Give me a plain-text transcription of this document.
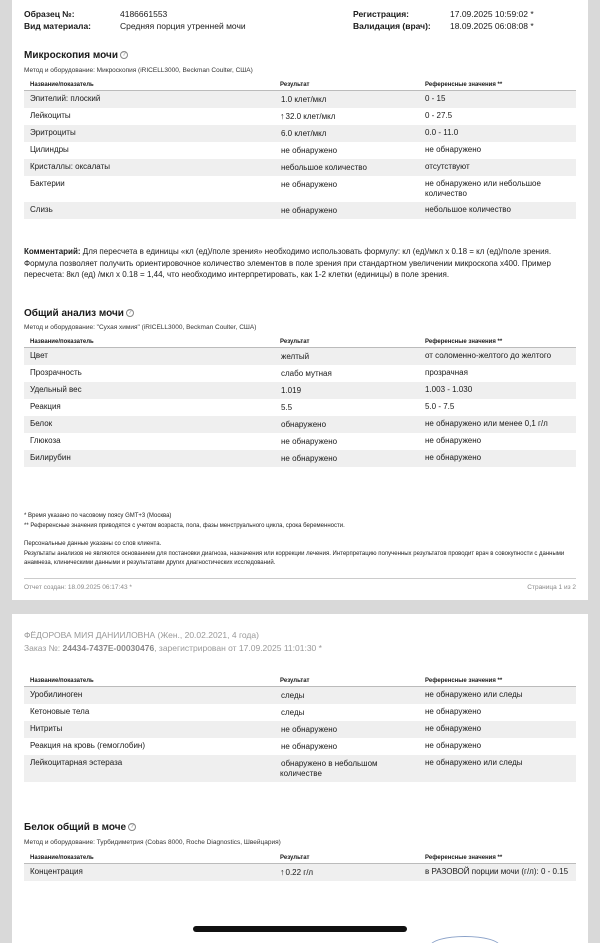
Образец №:	4186661553
Вид материала:	Средняя порция утренней мочи
Регистрация:	17.09.2025 10:59:02 *
Валидация (врач): 18.09.2025 06:08:08 *
Микроскопия мочи ?
Метод и оборудование: Микроскопия (iRICELL3000, Beckman Coulter, США)
Название/показатель	Результат	Референсные значения **
Эпителий: плоский	1.0 клет/мкл	0 - 15
Лейкоциты	↑32.0 клет/мкл	0 - 27.5
Эритроциты	6.0 клет/мкл	0.0 - 11.0
Цилиндры	не обнаружено	не обнаружено
Кристаллы: оксалаты	небольшое количество	отсутствуют
Бактерии	не обнаружено	не обнаружено или небольшое количество
Слизь	не обнаружено	небольшое количество
Комментарий: Для пересчета в единицы «кл (ед)/поле зрения» необходимо использовать формулу: кл (ед)/мкл x 0.18 = кл (ед)/поле зрения. Формула позволяет получить ориентировочное количество элементов в поле зрения при стандартном увеличении микроскопа x400. Пример пересчета: 8кл (ед) /мкл x 0.18 = 1,44, что необходимо интерпретировать, как 1-2 клетки (единицы) в поле зрения.
Общий анализ мочи ?
Метод и оборудование: "Сухая химия" (iRICELL3000, Beckman Coulter, США)
Название/показатель	Результат	Референсные значения **
Цвет	желтый	от соломенно-желтого до желтого
Прозрачность	слабо мутная	прозрачная
Удельный вес	1.019	1.003 - 1.030
Реакция	5.5	5.0 - 7.5
Белок	обнаружено	не обнаружено или менее 0,1 г/л
Глюкоза	не обнаружено	не обнаружено
Билирубин	не обнаружено	не обнаружено
* Время указано по часовому поясу GMT+3 (Москва)
** Референсные значения приводятся с учетом возраста, пола, фазы менструального цикла, срока беременности.
Персональные данные указаны со слов клиента.
Результаты анализов не являются основанием для постановки диагноза, назначения или коррекции лечения. Интерпретацию полученных результатов проводит врач в совокупности с данными анамнеза, клиническими данными и результатами других диагностических исследований.
Отчет создан: 18.09.2025 06:17:43 *	Страница 1 из 2
ФЁДОРОВА МИЯ ДАНИИЛОВНА (Жен., 20.02.2021, 4 года)
Заказ №: 24434-7437E-00030476, зарегистрирован от 17.09.2025 11:01:30 *
Название/показатель	Результат	Референсные значения **
Уробилиноген	следы	не обнаружено или следы
Кетоновые тела	следы	не обнаружено
Нитриты	не обнаружено	не обнаружено
Реакция на кровь (гемоглобин)	не обнаружено	не обнаружено
Лейкоцитарная эстераза	обнаружено в небольшом количестве	не обнаружено или следы
Белок общий в моче ?
Метод и оборудование: Турбидиметрия (Cobas 8000, Roche Diagnostics, Швейцария)
Название/показатель	Результат	Референсные значения **
Концентрация	↑0.22 г/л	в РАЗОВОЙ порции мочи (г/л): 0 - 0.15
